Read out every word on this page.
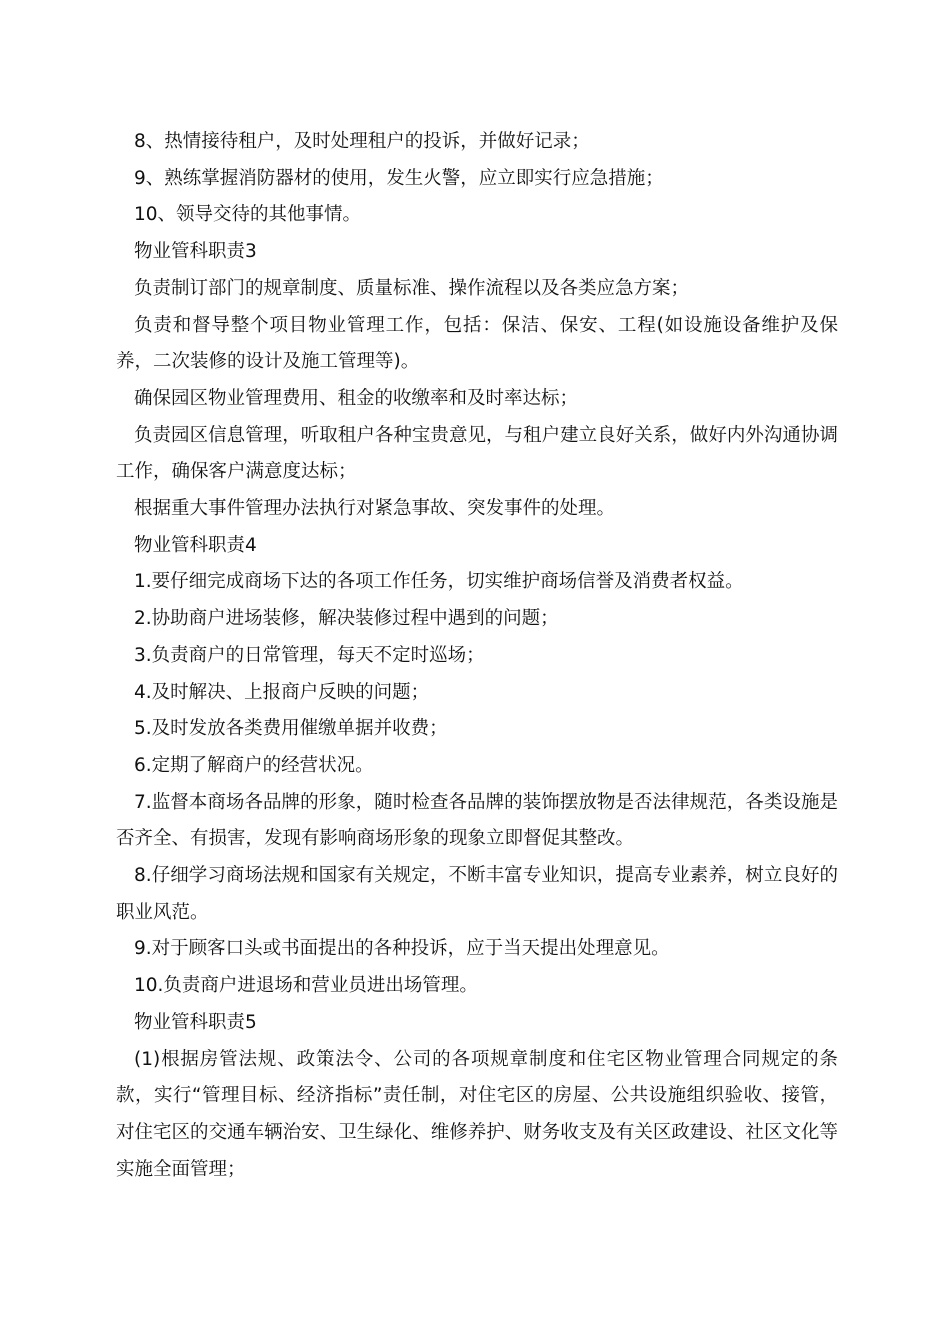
8、热情接待租户，及时处理租户的投诉，并做好记录；

9、熟练掌握消防器材的使用，发生火警，应立即实行应急措施；

10、领导交待的其他事情。

物业管科职责3

负责制订部门的规章制度、质量标准、操作流程以及各类应急方案；

负责和督导整个项目物业管理工作，包括：保洁、保安、工程(如设施设备维护及保养，二次装修的设计及施工管理等)。

确保园区物业管理费用、租金的收缴率和及时率达标；

负责园区信息管理，听取租户各种宝贵意见，与租户建立良好关系，做好内外沟通协调工作，确保客户满意度达标；

根据重大事件管理办法执行对紧急事故、突发事件的处理。

物业管科职责4

1.要仔细完成商场下达的各项工作任务，切实维护商场信誉及消费者权益。

2.协助商户进场装修，解决装修过程中遇到的问题；

3.负责商户的日常管理，每天不定时巡场；

4.及时解决、上报商户反映的问题；

5.及时发放各类费用催缴单据并收费；

6.定期了解商户的经营状况。

7.监督本商场各品牌的形象，随时检查各品牌的装饰摆放物是否法律规范，各类设施是否齐全、有损害，发现有影响商场形象的现象立即督促其整改。

8.仔细学习商场法规和国家有关规定，不断丰富专业知识，提高专业素养，树立良好的职业风范。

9.对于顾客口头或书面提出的各种投诉，应于当天提出处理意见。

10.负责商户进退场和营业员进出场管理。

物业管科职责5

(1)根据房管法规、政策法令、公司的各项规章制度和住宅区物业管理合同规定的条款，实行“管理目标、经济指标”责任制，对住宅区的房屋、公共设施组织验收、接管，对住宅区的交通车辆治安、卫生绿化、维修养护、财务收支及有关区政建设、社区文化等实施全面管理；
